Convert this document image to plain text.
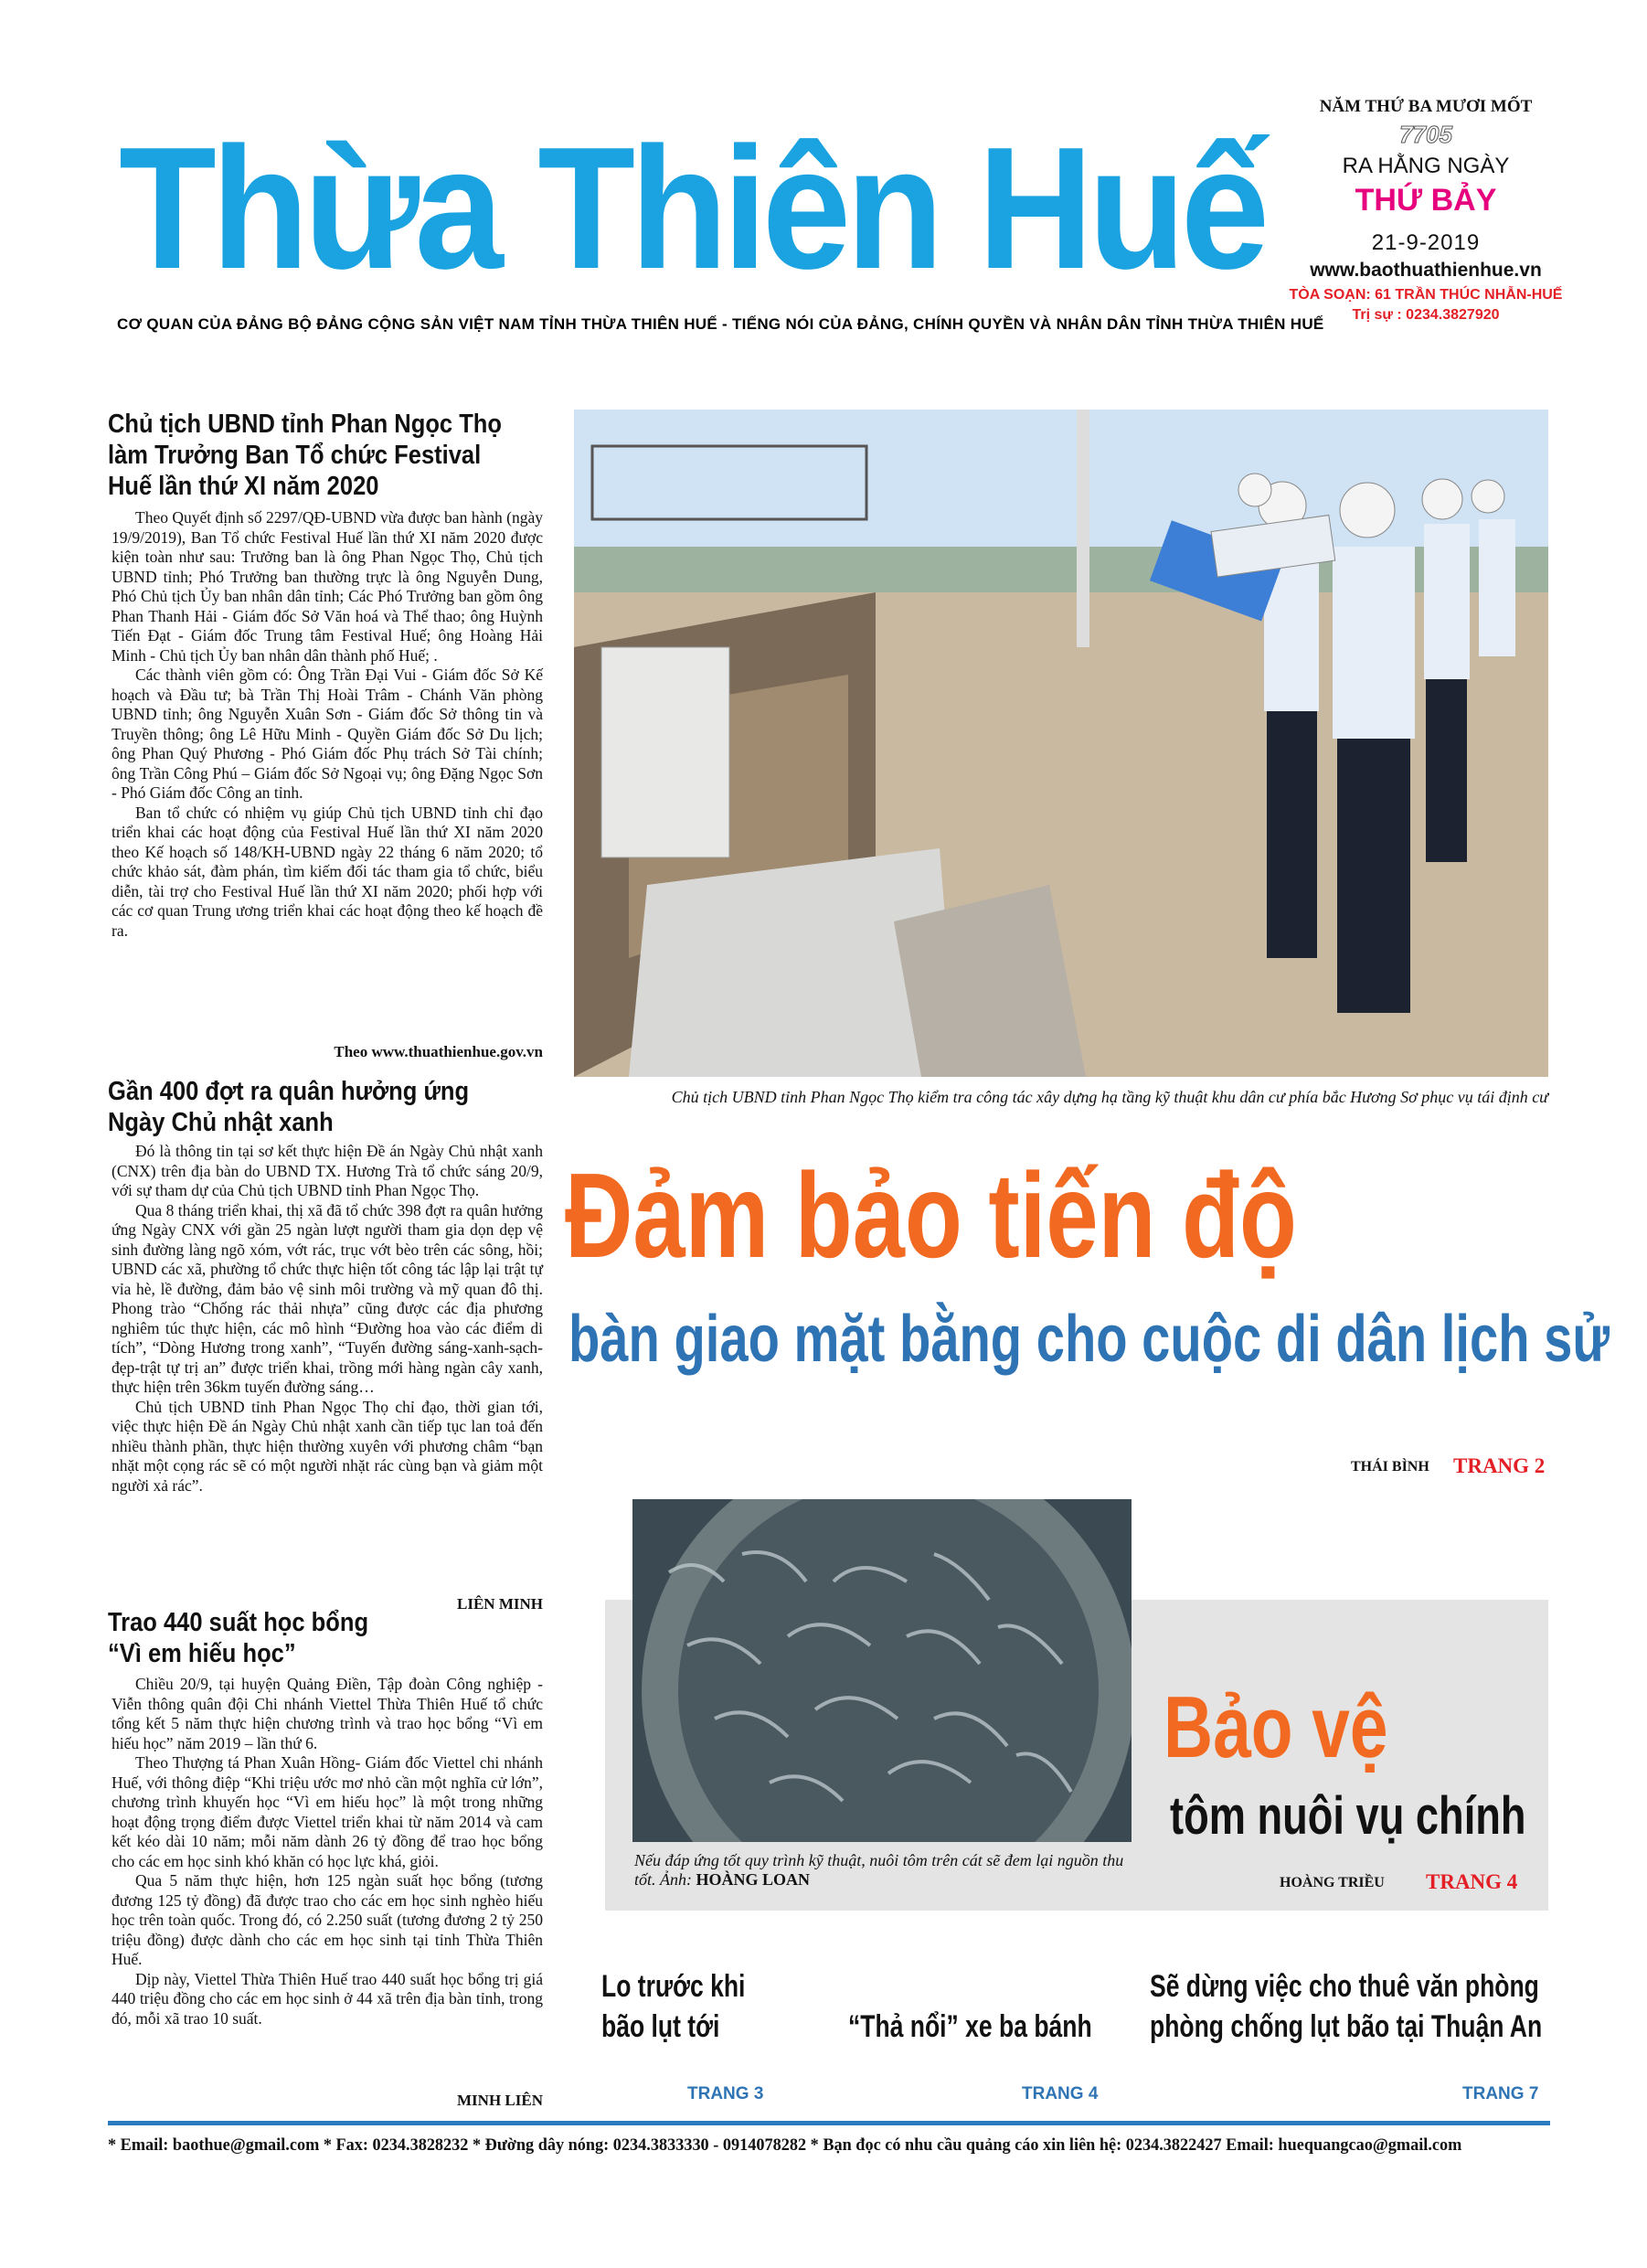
Thừa Thiên Huế
NĂM THỨ BA MƯƠI MỐT
7705
RA HẰNG NGÀY
THỨ BẢY
21-9-2019
www.baothuathienhue.vn
TÒA SOẠN: 61 TRẦN THÚC NHẪN-HUẾ
Trị sự : 0234.3827920
CƠ QUAN CỦA ĐẢNG BỘ ĐẢNG CỘNG SẢN VIỆT NAM TỈNH THỪA THIÊN HUẾ - TIẾNG NÓI CỦA ĐẢNG, CHÍNH QUYỀN VÀ NHÂN DÂN TỈNH THỪA THIÊN HUẾ
Chủ tịch UBND tỉnh Phan Ngọc Thọ làm Trưởng Ban Tổ chức Festival Huế lần thứ XI năm 2020

Theo Quyết định số 2297/QĐ-UBND vừa được ban hành (ngày 19/9/2019), Ban Tổ chức Festival Huế lần thứ XI năm 2020 được kiện toàn như sau: Trưởng ban là ông Phan Ngọc Thọ, Chủ tịch UBND tỉnh; Phó Trưởng ban thường trực là ông Nguyễn Dung, Phó Chủ tịch Ủy ban nhân dân tỉnh; Các Phó Trưởng ban gồm ông Phan Thanh Hải - Giám đốc Sở Văn hoá và Thể thao; ông Huỳnh Tiến Đạt - Giám đốc Trung tâm Festival Huế; ông Hoàng Hải Minh - Chủ tịch Ủy ban nhân dân thành phố Huế; .

Các thành viên gồm có: Ông Trần Đại Vui - Giám đốc Sở Kế hoạch và Đầu tư; bà Trần Thị Hoài Trâm - Chánh Văn phòng UBND tỉnh; ông Nguyễn Xuân Sơn - Giám đốc Sở thông tin và Truyền thông; ông Lê Hữu Minh - Quyền Giám đốc Sở Du lịch; ông Phan Quý Phương - Phó Giám đốc Phụ trách Sở Tài chính; ông Trần Công Phú – Giám đốc Sở Ngoại vụ; ông Đặng Ngọc Sơn - Phó Giám đốc Công an tỉnh.

Ban tổ chức có nhiệm vụ giúp Chủ tịch UBND tỉnh chỉ đạo triển khai các hoạt động của Festival Huế lần thứ XI năm 2020 theo Kế hoạch số 148/KH-UBND ngày 22 tháng 6 năm 2020; tổ chức khảo sát, đàm phán, tìm kiếm đối tác tham gia tổ chức, biểu diễn, tài trợ cho Festival Huế lần thứ XI năm 2020; phối hợp với các cơ quan Trung ương triển khai các hoạt động theo kế hoạch đề ra.

Theo www.thuathienhue.gov.vn
Gần 400 đợt ra quân hưởng ứng Ngày Chủ nhật xanh

Đó là thông tin tại sơ kết thực hiện Đề án Ngày Chủ nhật xanh (CNX) trên địa bàn do UBND TX. Hương Trà tổ chức sáng 20/9, với sự tham dự của Chủ tịch UBND tỉnh Phan Ngọc Thọ.

Qua 8 tháng triển khai, thị xã đã tổ chức 398 đợt ra quân hưởng ứng Ngày CNX với gần 25 ngàn lượt người tham gia dọn dẹp vệ sinh đường làng ngõ xóm, vớt rác, trục vớt bèo trên các sông, hồi; UBND các xã, phường tổ chức thực hiện tốt công tác lập lại trật tự vỉa hè, lề đường, đảm bảo vệ sinh môi trường và mỹ quan đô thị. Phong trào “Chống rác thải nhựa” cũng được các địa phương nghiêm túc thực hiện, các mô hình “Đường hoa vào các điểm di tích”, “Dòng Hương trong xanh”, “Tuyến đường sáng-xanh-sạch-đẹp-trật tự trị an” được triển khai, trồng mới hàng ngàn cây xanh, thực hiện trên 36km tuyến đường sáng…

Chủ tịch UBND tỉnh Phan Ngọc Thọ chỉ đạo, thời gian tới, việc thực hiện Đề án Ngày Chủ nhật xanh cần tiếp tục lan toả đến nhiều thành phần, thực hiện thường xuyên với phương châm “bạn nhặt một cọng rác sẽ có một người nhặt rác cùng bạn và giảm một người xả rác”.

LIÊN MINH
Trao 440 suất học bổng “Vì em hiếu học”

Chiều 20/9, tại huyện Quảng Điền, Tập đoàn Công nghiệp - Viễn thông quân đội Chi nhánh Viettel Thừa Thiên Huế tổ chức tổng kết 5 năm thực hiện chương trình và trao học bổng “Vì em hiếu học” năm 2019 – lần thứ 6.

Theo Thượng tá Phan Xuân Hồng- Giám đốc Viettel chi nhánh Huế, với thông điệp “Khi triệu ước mơ nhỏ cần một nghĩa cử lớn”, chương trình khuyến học “Vì em hiếu học” là một trong những hoạt động trọng điểm được Viettel triển khai từ năm 2014 và cam kết kéo dài 10 năm; mỗi năm dành 26 tỷ đồng để trao học bổng cho các em học sinh khó khăn có học lực khá, giỏi.

Qua 5 năm thực hiện, hơn 125 ngàn suất học bổng (tương đương 125 tỷ đồng) đã được trao cho các em học sinh nghèo hiếu học trên toàn quốc. Trong đó, có 2.250 suất (tương đương 2 tỷ 250 triệu đồng) được dành cho các em học sinh tại tỉnh Thừa Thiên Huế.

Dịp này, Viettel Thừa Thiên Huế trao 440 suất học bổng trị giá 440 triệu đồng cho các em học sinh ở 44 xã trên địa bàn tỉnh, trong đó, mỗi xã trao 10 suất.

MINH LIÊN
Chủ tịch UBND tỉnh Phan Ngọc Thọ kiểm tra công tác xây dựng hạ tầng kỹ thuật khu dân cư phía bắc Hương Sơ phục vụ tái định cư
Đảm bảo tiến độ
bàn giao mặt bằng cho cuộc di dân lịch sử
THÁI BÌNH TRANG 2
Bảo vệ
tôm nuôi vụ chính
Nếu đáp ứng tốt quy trình kỹ thuật, nuôi tôm trên cát sẽ đem lại nguồn thu tốt. Ảnh: HOÀNG LOAN	HOÀNG TRIỀU TRANG 4
Lo trước khi
bão lụt tới	“Thả nổi” xe ba bánh
Sẽ dừng việc cho thuê văn phòng
phòng chống lụt bão tại Thuận An
TRANG 3	TRANG 4	TRANG 7
* Email: baothue@gmail.com * Fax: 0234.3828232 * Đường dây nóng: 0234.3833330 - 0914078282 * Bạn đọc có nhu cầu quảng cáo xin liên hệ: 0234.3822427 Email: huequangcao@gmail.com
